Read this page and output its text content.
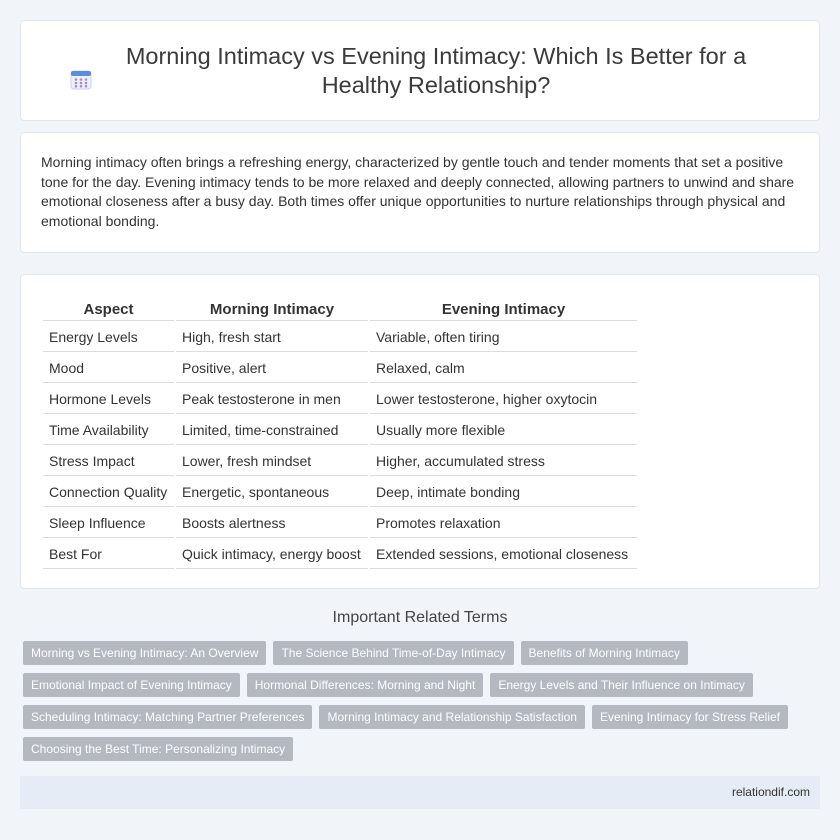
Morning Intimacy vs Evening Intimacy: Which Is Better for a Healthy Relationship?

Morning intimacy often brings a refreshing energy, characterized by gentle touch and tender moments that set a positive tone for the day. Evening intimacy tends to be more relaxed and deeply connected, allowing partners to unwind and share emotional closeness after a busy day. Both times offer unique opportunities to nurture relationships through physical and emotional bonding.

Aspect	Morning Intimacy	Evening Intimacy
Energy Levels	High, fresh start	Variable, often tiring
Mood	Positive, alert	Relaxed, calm
Hormone Levels	Peak testosterone in men	Lower testosterone, higher oxytocin
Time Availability	Limited, time-constrained	Usually more flexible
Stress Impact	Lower, fresh mindset	Higher, accumulated stress
Connection Quality	Energetic, spontaneous	Deep, intimate bonding
Sleep Influence	Boosts alertness	Promotes relaxation
Best For	Quick intimacy, energy boost	Extended sessions, emotional closeness
Important Related Terms
Morning vs Evening Intimacy: An Overview	The Science Behind Time-of-Day Intimacy	Benefits of Morning Intimacy
Emotional Impact of Evening Intimacy	Hormonal Differences: Morning and Night	Energy Levels and Their Influence on Intimacy
Scheduling Intimacy: Matching Partner Preferences	Morning Intimacy and Relationship Satisfaction	Evening Intimacy for Stress Relief
Choosing the Best Time: Personalizing Intimacy
relationdif.com
